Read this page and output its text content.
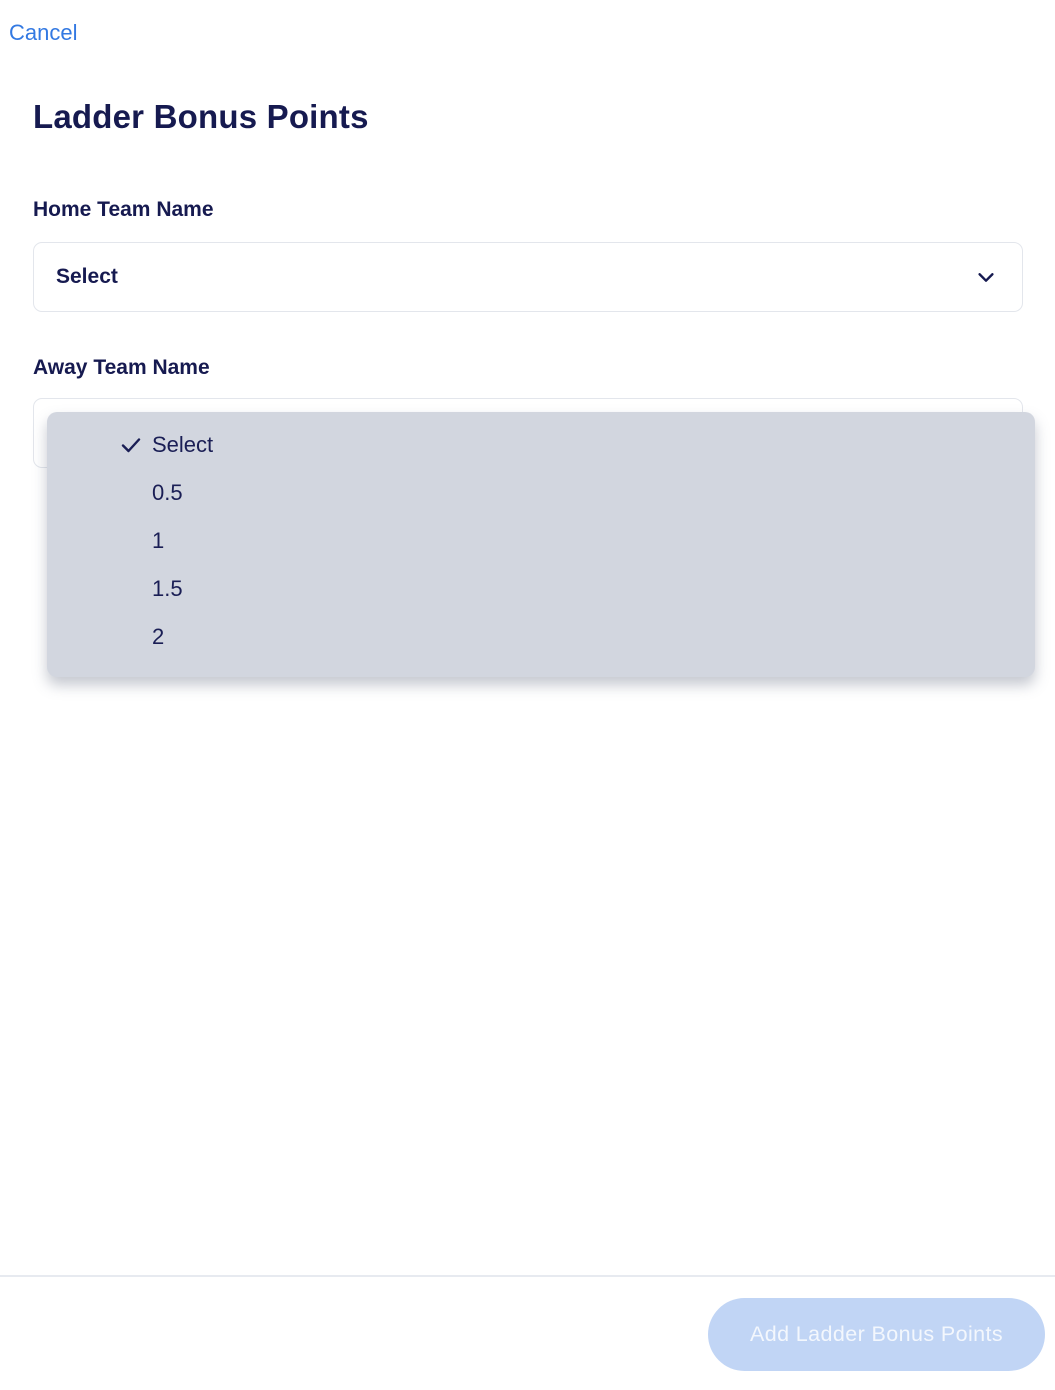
Cancel
Ladder Bonus Points
Home Team Name
Select
Away Team Name
Select
0.5
1
1.5
2
Add Ladder Bonus Points
